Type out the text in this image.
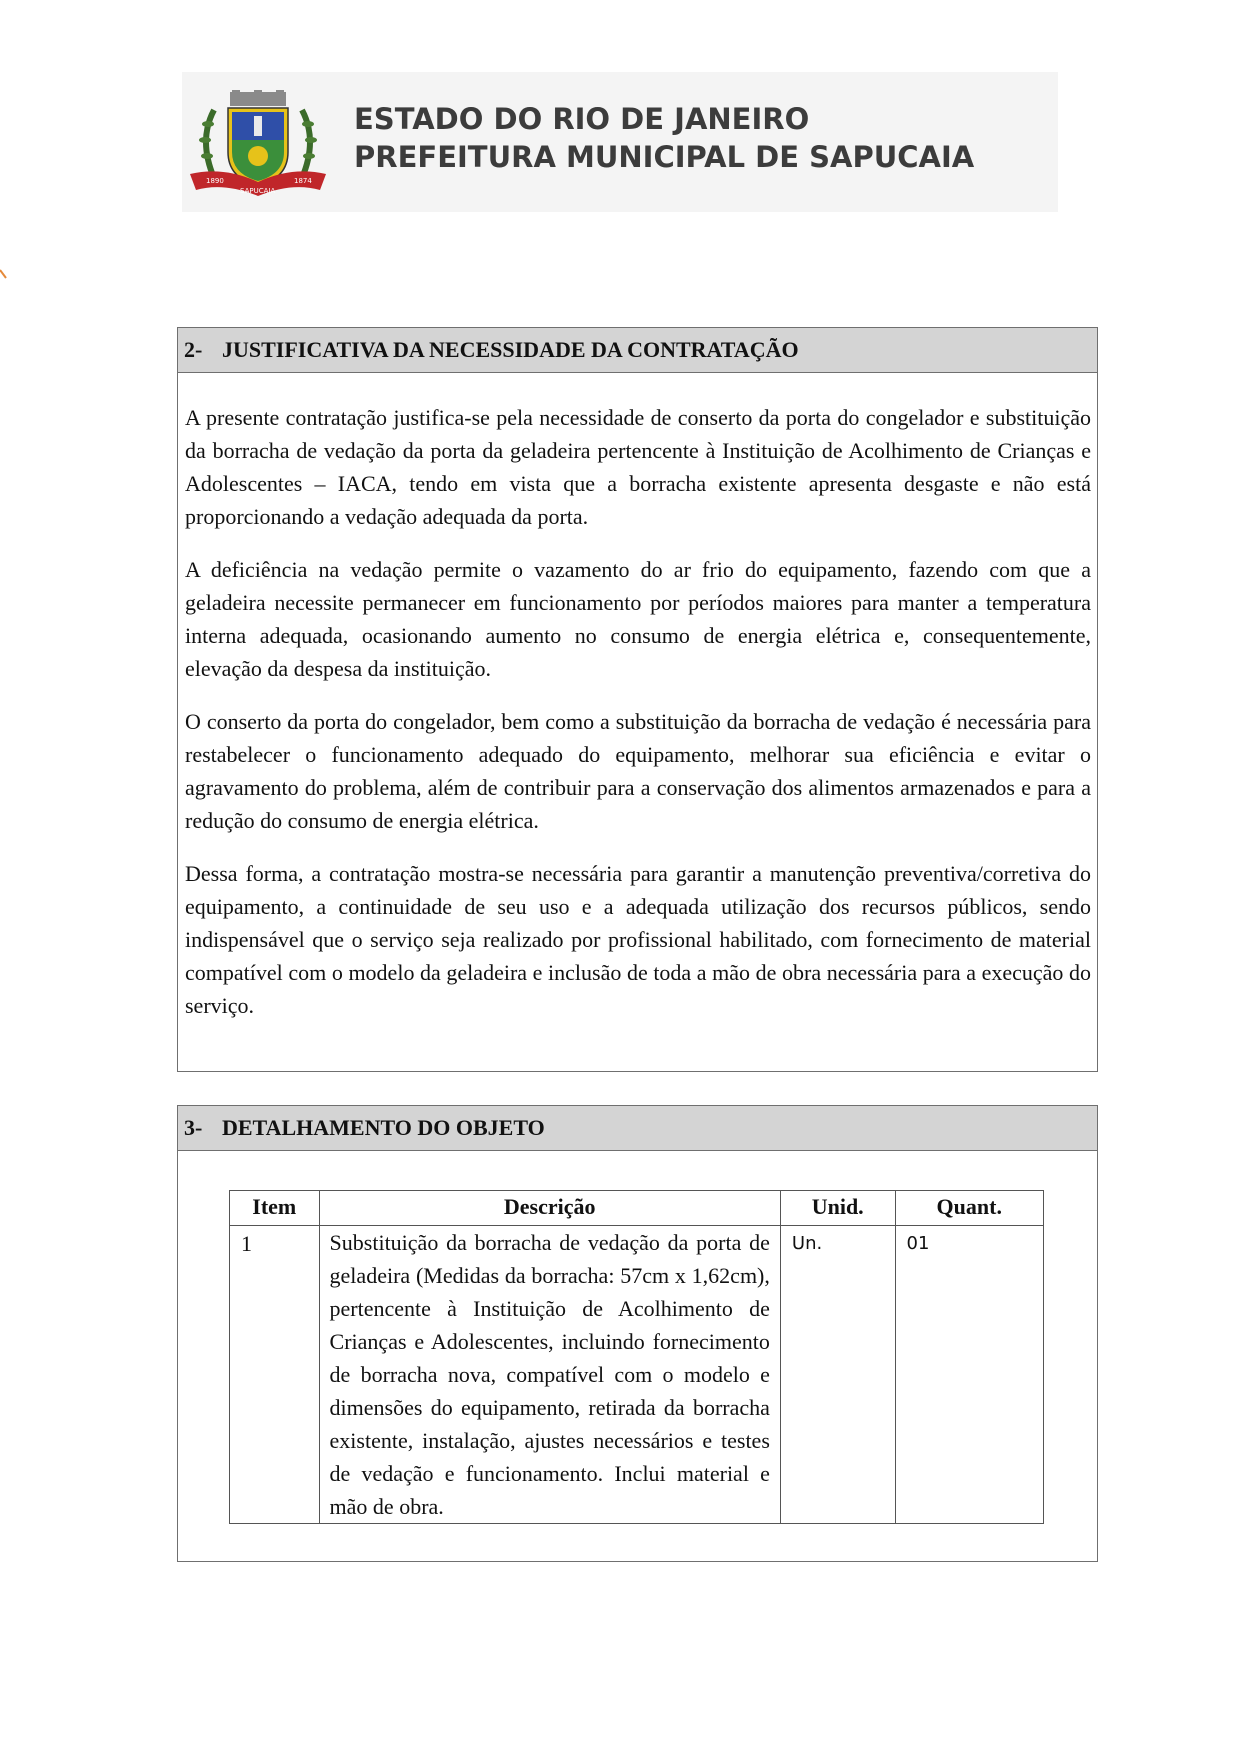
1890	1874
SAPUCAIA
ESTADO DO RIO DE JANEIRO
PREFEITURA MUNICIPAL DE SAPUCAIA
2- JUSTIFICATIVA DA NECESSIDADE DA CONTRATAÇÃO

A presente contratação justifica-se pela necessidade de conserto da porta do congelador e substituição da borracha de vedação da porta da geladeira pertencente à Instituição de Acolhimento de Crianças e Adolescentes – IACA, tendo em vista que a borracha existente apresenta desgaste e não está proporcionando a vedação adequada da porta.

A deficiência na vedação permite o vazamento do ar frio do equipamento, fazendo com que a geladeira necessite permanecer em funcionamento por períodos maiores para manter a temperatura interna adequada, ocasionando aumento no consumo de energia elétrica e, consequentemente, elevação da despesa da instituição.

O conserto da porta do congelador, bem como a substituição da borracha de vedação é necessária para restabelecer o funcionamento adequado do equipamento, melhorar sua eficiência e evitar o agravamento do problema, além de contribuir para a conservação dos alimentos armazenados e para a redução do consumo de energia elétrica.

Dessa forma, a contratação mostra-se necessária para garantir a manutenção preventiva/corretiva do equipamento, a continuidade de seu uso e a adequada utilização dos recursos públicos, sendo indispensável que o serviço seja realizado por profissional habilitado, com fornecimento de material compatível com o modelo da geladeira e inclusão de toda a mão de obra necessária para a execução do serviço.

3- DETALHAMENTO DO OBJETO
Item	Descrição	Unid.	Quant.
1	Substituição da borracha de vedação da porta de geladeira (Medidas da borracha: 57cm x 1,62cm), pertencente à Instituição de Acolhimento de Crianças e Adolescentes, incluindo fornecimento de borracha nova, compatível com o modelo e dimensões do equipamento, retirada da borracha existente, instalação, ajustes necessários e testes de vedação e funcionamento. Inclui material e mão de obra.	Un.	01
